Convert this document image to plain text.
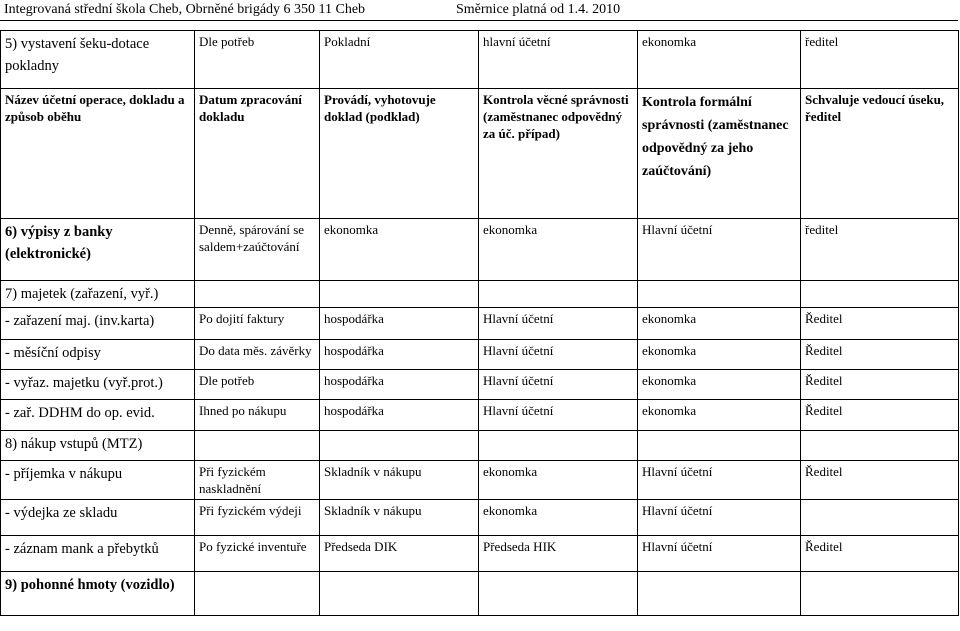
Integrovaná střední škola Cheb, Obrněné brigády 6 350 11 Cheb	Směrnice platná od 1.4. 2010
5) vystavení šeku-dotace pokladny	Dle potřeb	Pokladní	hlavní účetní	ekonomka	ředitel
Název účetní operace, dokladu a způsob oběhu	Datum zpracování dokladu	Provádí, vyhotovuje doklad (podklad)	Kontrola věcné správnosti (zaměstnanec odpovědný za úč. případ)	Kontrola formální správnosti (zaměstnanec odpovědný za jeho zaúčtování)	Schvaluje vedoucí úseku, ředitel
6) výpisy z banky (elektronické)	Denně, spárování se saldem+zaúčtování	ekonomka	ekonomka	Hlavní účetní	ředitel
7) majetek (zařazení, vyř.)					
- zařazení maj. (inv.karta)	Po dojití faktury	hospodářka	Hlavní účetní	ekonomka	Ředitel
- měsíční odpisy	Do data měs. závěrky	hospodářka	Hlavní účetní	ekonomka	Ředitel
- vyřaz. majetku (vyř.prot.)	Dle potřeb	hospodářka	Hlavní účetní	ekonomka	Ředitel
- zař. DDHM do op. evid.	Ihned po nákupu	hospodářka	Hlavní účetní	ekonomka	Ředitel
8) nákup vstupů (MTZ)					
- příjemka v nákupu	Při fyzickém naskladnění	Skladník v nákupu	ekonomka	Hlavní účetní	Ředitel
- výdejka ze skladu	Při fyzickém výdeji	Skladník v nákupu	ekonomka	Hlavní účetní	
- záznam mank a přebytků	Po fyzické inventuře	Předseda DIK	Předseda HIK	Hlavní účetní	Ředitel
9) pohonné hmoty (vozidlo)					
